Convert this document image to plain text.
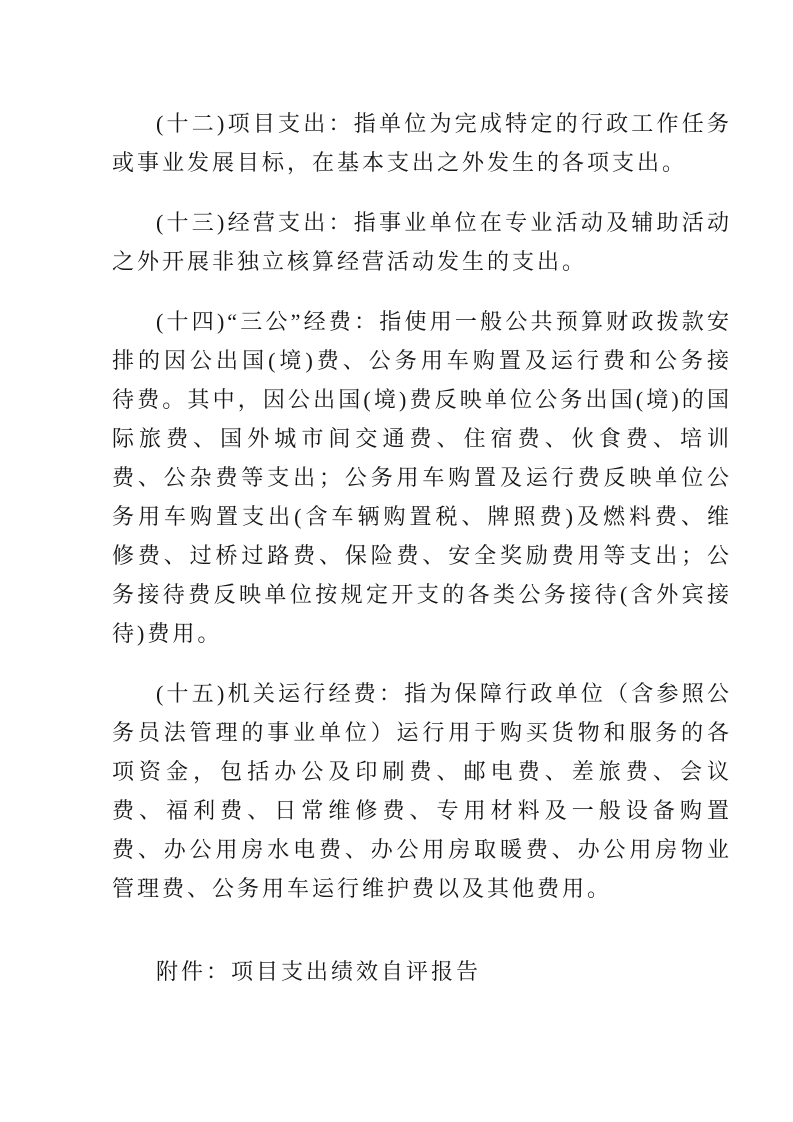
(十二)项目支出：指单位为完成特定的行政工作任务或事业发展目标，在基本支出之外发生的各项支出。

(十三)经营支出：指事业单位在专业活动及辅助活动之外开展非独立核算经营活动发生的支出。

(十四)“三公”经费：指使用一般公共预算财政拨款安排的因公出国(境)费、公务用车购置及运行费和公务接待费。其中，因公出国(境)费反映单位公务出国(境)的国际旅费、国外城市间交通费、住宿费、伙食费、培训费、公杂费等支出；公务用车购置及运行费反映单位公务用车购置支出(含车辆购置税、牌照费)及燃料费、维修费、过桥过路费、保险费、安全奖励费用等支出；公务接待费反映单位按规定开支的各类公务接待(含外宾接待)费用。

(十五)机关运行经费：指为保障行政单位（含参照公务员法管理的事业单位）运行用于购买货物和服务的各项资金，包括办公及印刷费、邮电费、差旅费、会议费、福利费、日常维修费、专用材料及一般设备购置费、办公用房水电费、办公用房取暖费、办公用房物业管理费、公务用车运行维护费以及其他费用。

附件：项目支出绩效自评报告
